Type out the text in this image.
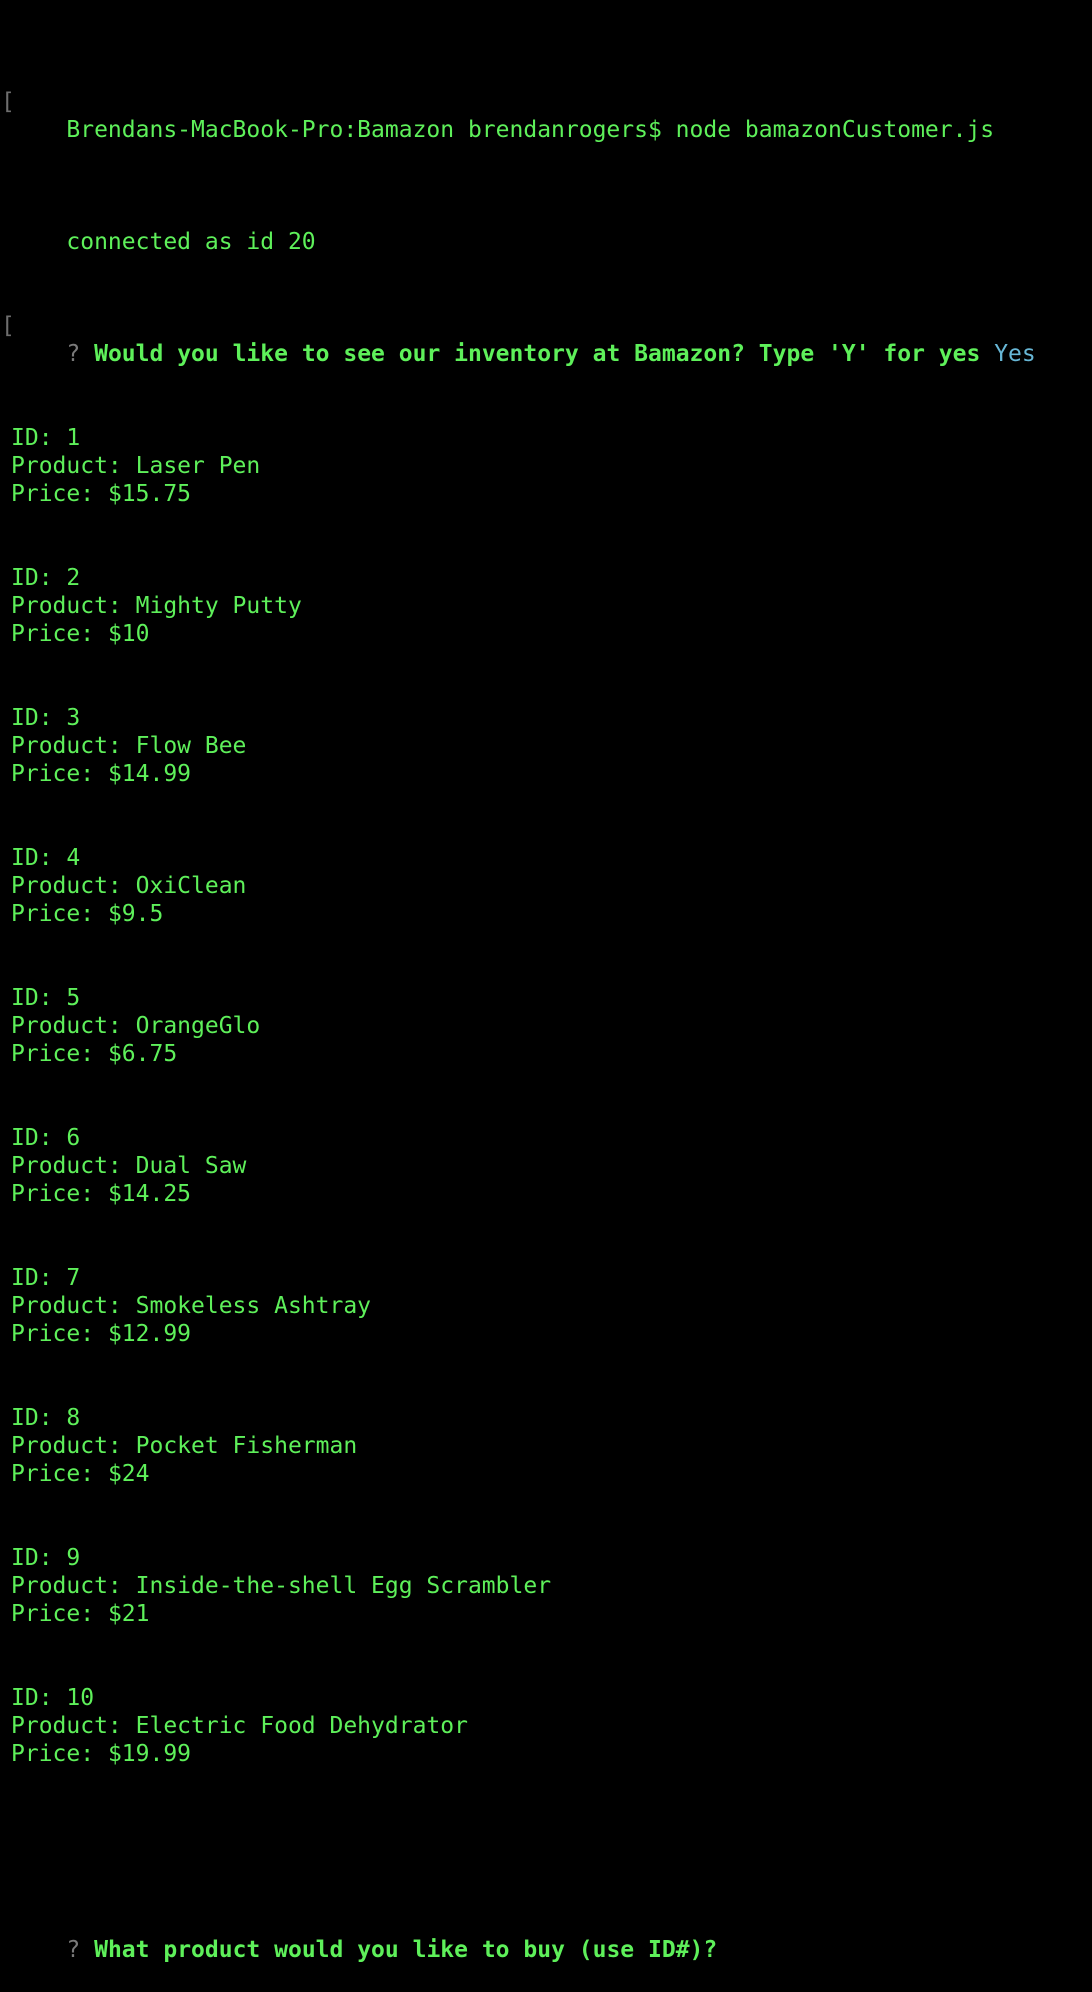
[
Brendans-MacBook-Pro:Bamazon brendanrogers$ node bamazonCustomer.js

connected as id 20

[
? Would you like to see our inventory at Bamazon? Type 'Y' for yes Yes

ID: 1
Product: Laser Pen
Price: $15.75
ID: 2
Product: Mighty Putty
Price: $10
ID: 3
Product: Flow Bee
Price: $14.99
ID: 4
Product: OxiClean
Price: $9.5
ID: 5
Product: OrangeGlo
Price: $6.75
ID: 6
Product: Dual Saw
Price: $14.25
ID: 7
Product: Smokeless Ashtray
Price: $12.99
ID: 8
Product: Pocket Fisherman
Price: $24
ID: 9
Product: Inside-the-shell Egg Scrambler
Price: $21
ID: 10
Product: Electric Food Dehydrator
Price: $19.99

? What product would you like to buy (use ID#)?
